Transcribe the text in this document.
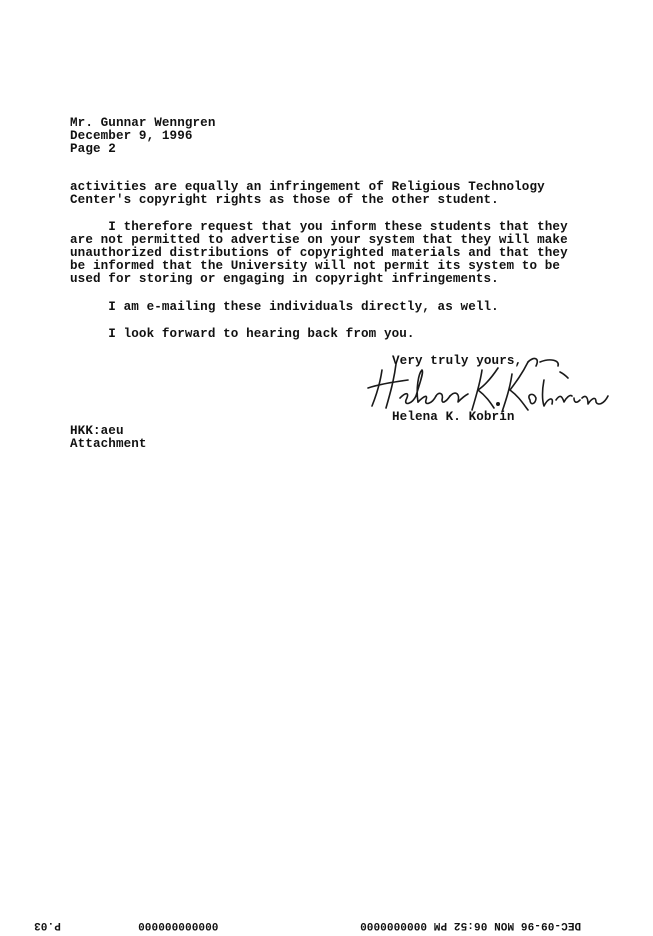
Mr. Gunnar Wenngren
December 9, 1996
Page 2
activities are equally an infringement of Religious Technology
Center's copyright rights as those of the other student.
I therefore request that you inform these students that they
are not permitted to advertise on your system that they will make
unauthorized distributions of copyrighted materials and that they
be informed that the University will not permit its system to be
used for storing or engaging in copyright infringements.
I am e-mailing these individuals directly, as well.
I look forward to hearing back from you.
Very truly yours,
Helena K. Kobrin
HKK:aeu
Attachment
P.03	000000000000	DEC-09-96 MON 06:52 PM 0000000000
